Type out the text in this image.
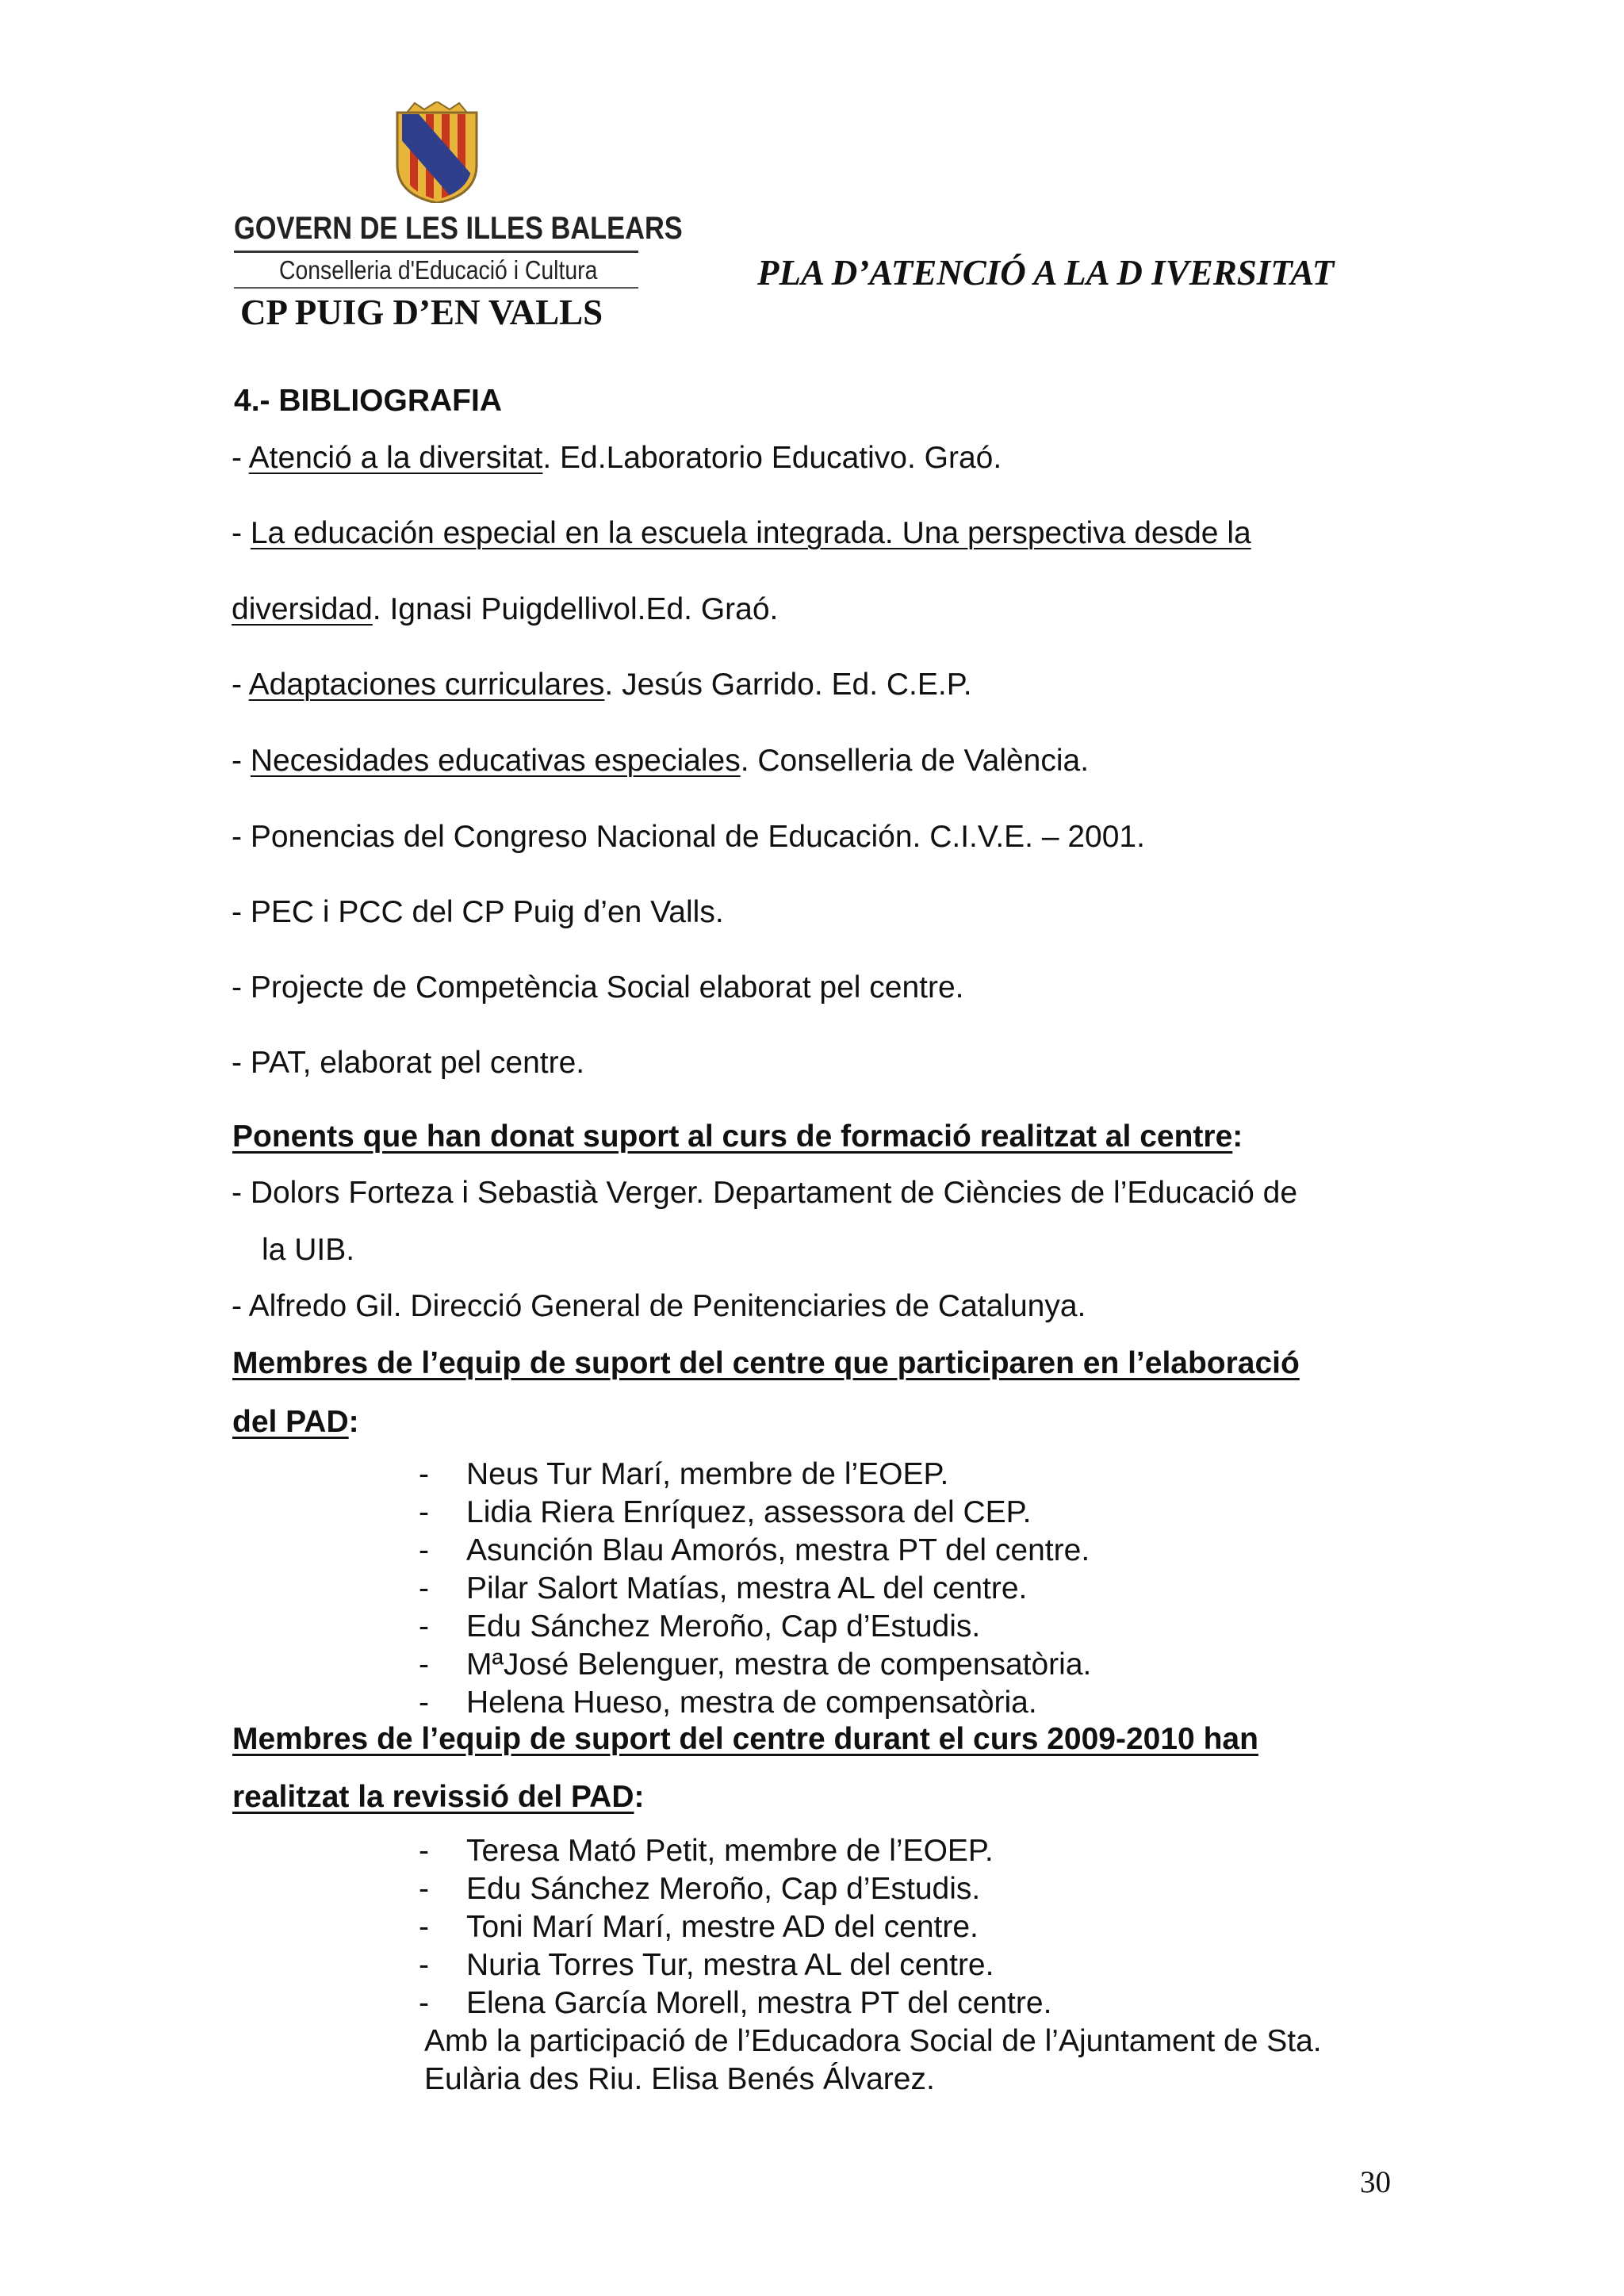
GOVERN DE LES ILLES BALEARS
Conselleria d'Educació i Cultura
CP PUIG D’EN VALLS
PLA D’ATENCIÓ A LA D IVERSITAT
4.- BIBLIOGRAFIA
- Atenció a la diversitat. Ed.Laboratorio Educativo. Graó.
- La educación especial en la escuela integrada. Una perspectiva desde la
diversidad. Ignasi Puigdellivol.Ed. Graó.
- Adaptaciones curriculares. Jesús Garrido. Ed. C.E.P.
- Necesidades educativas especiales. Conselleria de València.
- Ponencias del Congreso Nacional de Educación. C.I.V.E. – 2001.
- PEC i PCC del CP Puig d’en Valls.
- Projecte de Competència Social elaborat pel centre.
- PAT, elaborat pel centre.
Ponents que han donat suport al curs de formació realitzat al centre:
- Dolors Forteza i Sebastià Verger. Departament de Ciències de l’Educació de
la UIB.
- Alfredo Gil. Direcció General de Penitenciaries de Catalunya.
Membres de l’equip de suport del centre que participaren en l’elaboració
del PAD:
- Neus Tur Marí, membre de l’EOEP.
- Lidia Riera Enríquez, assessora del CEP.
- Asunción Blau Amorós, mestra PT del centre.
- Pilar Salort Matías, mestra AL del centre.
- Edu Sánchez Meroño, Cap d’Estudis.
- MªJosé Belenguer, mestra de compensatòria.
- Helena Hueso, mestra de compensatòria.
Membres de l’equip de suport del centre durant el curs 2009-2010 han
realitzat la revissió del PAD:
- Teresa Mató Petit, membre de l’EOEP.
- Edu Sánchez Meroño, Cap d’Estudis.
- Toni Marí Marí, mestre AD del centre.
- Nuria Torres Tur, mestra AL del centre.
- Elena García Morell, mestra PT del centre.
Amb la participació de l’Educadora Social de l’Ajuntament de Sta.
Eulària des Riu. Elisa Benés Álvarez.
30
